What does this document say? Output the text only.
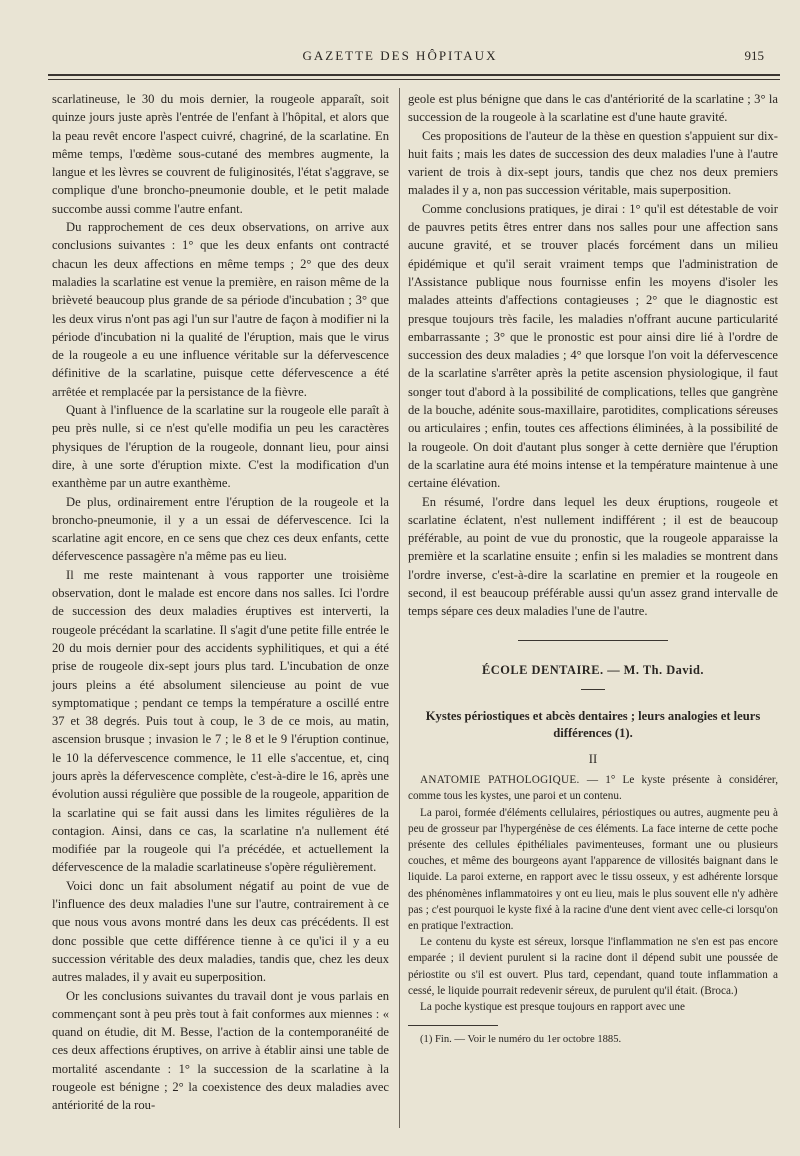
GAZETTE DES HÔPITAUX	915

scarlatineuse, le 30 du mois dernier, la rougeole apparaît, soit quinze jours juste après l'entrée de l'enfant à l'hôpital, et alors que la peau revêt encore l'aspect cuivré, chagriné, de la scarlatine. En même temps, l'œdème sous-cutané des membres augmente, la langue et les lèvres se couvrent de fuliginosités, l'état s'aggrave, se complique d'une broncho-pneumonie double, et le petit malade succombe aussi comme l'autre enfant.

Du rapprochement de ces deux observations, on arrive aux conclusions suivantes : 1° que les deux enfants ont contracté chacun les deux affections en même temps ; 2° que des deux maladies la scarlatine est venue la première, en raison même de la brièveté beaucoup plus grande de sa période d'incubation ; 3° que les deux virus n'ont pas agi l'un sur l'autre de façon à modifier ni la période d'incubation ni la qualité de l'éruption, mais que le virus de la rougeole a eu une influence véritable sur la défervescence définitive de la scarlatine, puisque cette défervescence a été arrêtée et remplacée par la persistance de la fièvre.

Quant à l'influence de la scarlatine sur la rougeole elle paraît à peu près nulle, si ce n'est qu'elle modifia un peu les caractères physiques de l'éruption de la rougeole, donnant lieu, pour ainsi dire, à une sorte d'éruption mixte. C'est la modification d'un exanthème par un autre exanthème.

De plus, ordinairement entre l'éruption de la rougeole et la broncho-pneumonie, il y a un essai de défervescence. Ici la scarlatine agit encore, en ce sens que chez ces deux enfants, cette défervescence passagère n'a même pas eu lieu.

Il me reste maintenant à vous rapporter une troisième observation, dont le malade est encore dans nos salles. Ici l'ordre de succession des deux maladies éruptives est interverti, la rougeole précédant la scarlatine. Il s'agit d'une petite fille entrée le 20 du mois dernier pour des accidents syphilitiques, et qui a été prise de rougeole dix-sept jours plus tard. L'incubation de onze jours pleins a été absolument silencieuse au point de vue symptomatique ; pendant ce temps la température a oscillé entre 37 et 38 degrés. Puis tout à coup, le 3 de ce mois, au matin, ascension brusque ; invasion le 7 ; le 8 et le 9 l'éruption continue, le 10 la défervescence commence, le 11 elle s'accentue, et, cinq jours après la défervescence complète, c'est-à-dire le 16, après une évolution aussi régulière que possible de la rougeole, apparition de la scarlatine qui se fait aussi dans les limites régulières de la contagion. Ainsi, dans ce cas, la scarlatine n'a nullement été modifiée par la rougeole qui l'a précédée, et actuellement la défervescence de la maladie scarlatineuse s'opère régulièrement.

Voici donc un fait absolument négatif au point de vue de l'influence des deux maladies l'une sur l'autre, contrairement à ce que nous vous avons montré dans les deux cas précédents. Il est donc possible que cette différence tienne à ce qu'ici il y a eu succession véritable des deux maladies, tandis que, chez les deux autres malades, il y avait eu superposition.

Or les conclusions suivantes du travail dont je vous parlais en commençant sont à peu près tout à fait conformes aux miennes : « quand on étudie, dit M. Besse, l'action de la contemporanéité de ces deux affections éruptives, on arrive à établir ainsi une table de mortalité ascendante : 1° la succession de la scarlatine à la rougeole est bénigne ; 2° la coexistence des deux maladies avec antériorité de la rou-

geole est plus bénigne que dans le cas d'antériorité de la scarlatine ; 3° la succession de la rougeole à la scarlatine est d'une haute gravité.

Ces propositions de l'auteur de la thèse en question s'appuient sur dix-huit faits ; mais les dates de succession des deux maladies l'une à l'autre varient de trois à dix-sept jours, tandis que chez nos deux premiers malades il y a, non pas succession véritable, mais superposition.

Comme conclusions pratiques, je dirai : 1° qu'il est détestable de voir de pauvres petits êtres entrer dans nos salles pour une affection sans aucune gravité, et se trouver placés forcément dans un milieu épidémique et qu'il serait vraiment temps que l'administration de l'Assistance publique nous fournisse enfin les moyens d'isoler les malades atteints d'affections contagieuses ; 2° que le diagnostic est presque toujours très facile, les maladies n'offrant aucune particularité embarrassante ; 3° que le pronostic est pour ainsi dire lié à l'ordre de succession des deux maladies ; 4° que lorsque l'on voit la défervescence de la scarlatine s'arrêter après la petite ascension physiologique, il faut songer tout d'abord à la possibilité de complications, telles que gangrène de la bouche, adénite sous-maxillaire, parotidites, complications séreuses ou articulaires ; enfin, toutes ces affections éliminées, à la possibilité de la rougeole. On doit d'autant plus songer à cette dernière que l'éruption de la scarlatine aura été moins intense et la température maintenue à une certaine élévation.

En résumé, l'ordre dans lequel les deux éruptions, rougeole et scarlatine éclatent, n'est nullement indifférent ; il est de beaucoup préférable, au point de vue du pronostic, que la rougeole apparaisse la première et la scarlatine ensuite ; enfin si les maladies se montrent dans l'ordre inverse, c'est-à-dire la scarlatine en premier et la rougeole en second, il est beaucoup préférable aussi qu'un assez grand intervalle de temps sépare ces deux maladies l'une de l'autre.

ÉCOLE DENTAIRE. — M. Th. David.
Kystes périostiques et abcès dentaires ; leurs analogies et leurs différences (1).
II

ANATOMIE PATHOLOGIQUE. — 1° Le kyste présente à considérer, comme tous les kystes, une paroi et un contenu.

La paroi, formée d'éléments cellulaires, périostiques ou autres, augmente peu à peu de grosseur par l'hypergénèse de ces éléments. La face interne de cette poche présente des cellules épithéliales pavimenteuses, formant une ou plusieurs couches, et même des bourgeons ayant l'apparence de villosités baignant dans le liquide. La paroi externe, en rapport avec le tissu osseux, y est adhérente lorsque des phénomènes inflammatoires y ont eu lieu, mais le plus souvent elle n'y adhère pas ; c'est pourquoi le kyste fixé à la racine d'une dent vient avec celle-ci lorsqu'on en pratique l'extraction.

Le contenu du kyste est séreux, lorsque l'inflammation ne s'en est pas encore emparée ; il devient purulent si la racine dont il dépend subit une poussée de périostite ou s'il est ouvert. Plus tard, cependant, quand toute inflammation a cessé, le liquide pourrait redevenir séreux, de purulent qu'il était. (Broca.)

La poche kystique est presque toujours en rapport avec une

(1) Fin. — Voir le numéro du 1er octobre 1885.
